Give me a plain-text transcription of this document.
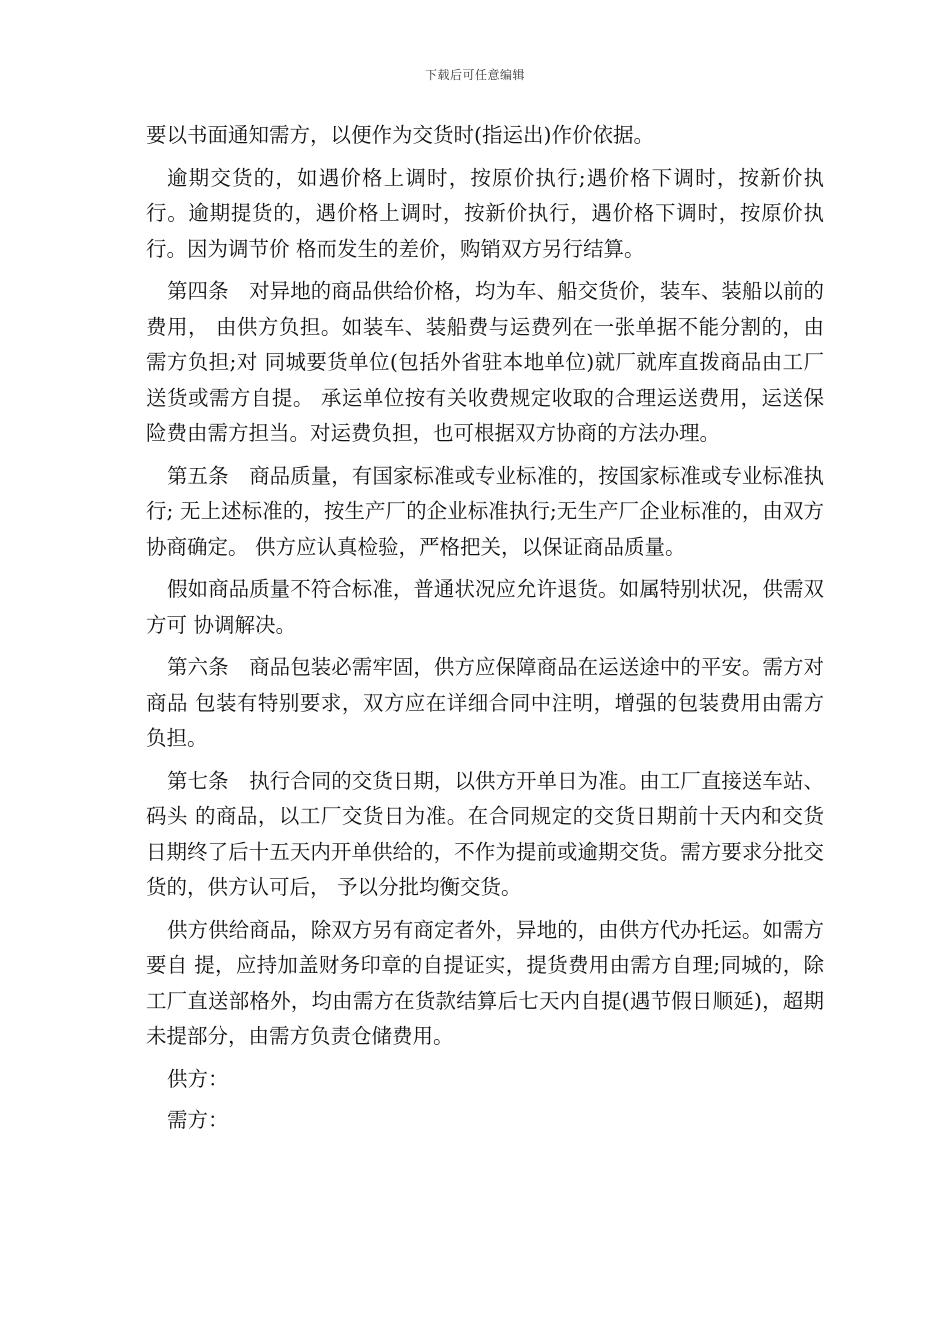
下载后可任意编辑

要以书面通知需方，以便作为交货时(指运出)作价依据。

逾期交货的，如遇价格上调时，按原价执行;遇价格下调时，按新价执行。逾期提货的，遇价格上调时，按新价执行，遇价格下调时，按原价执行。因为调节价 格而发生的差价，购销双方另行结算。

第四条　对异地的商品供给价格，均为车、船交货价，装车、装船以前的费用， 由供方负担。如装车、装船费与运费列在一张单据不能分割的，由需方负担;对 同城要货单位(包括外省驻本地单位)就厂就库直拨商品由工厂送货或需方自提。 承运单位按有关收费规定收取的合理运送费用，运送保险费由需方担当。对运费负担，也可根据双方协商的方法办理。

第五条　商品质量，有国家标准或专业标准的，按国家标准或专业标准执行; 无上述标准的，按生产厂的企业标准执行;无生产厂企业标准的，由双方协商确定。 供方应认真检验，严格把关，以保证商品质量。

假如商品质量不符合标准，普通状况应允许退货。如属特别状况，供需双方可 协调解决。

第六条　商品包装必需牢固，供方应保障商品在运送途中的平安。需方对商品 包装有特别要求，双方应在详细合同中注明，增强的包装费用由需方负担。

第七条　执行合同的交货日期，以供方开单日为准。由工厂直接送车站、码头 的商品，以工厂交货日为准。在合同规定的交货日期前十天内和交货日期终了后十五天内开单供给的，不作为提前或逾期交货。需方要求分批交货的，供方认可后， 予以分批均衡交货。

供方供给商品，除双方另有商定者外，异地的，由供方代办托运。如需方要自 提，应持加盖财务印章的自提证实，提货费用由需方自理;同城的，除工厂直送部格外，均由需方在货款结算后七天内自提(遇节假日顺延)，超期未提部分，由需方负责仓储费用。

供方：

需方：
